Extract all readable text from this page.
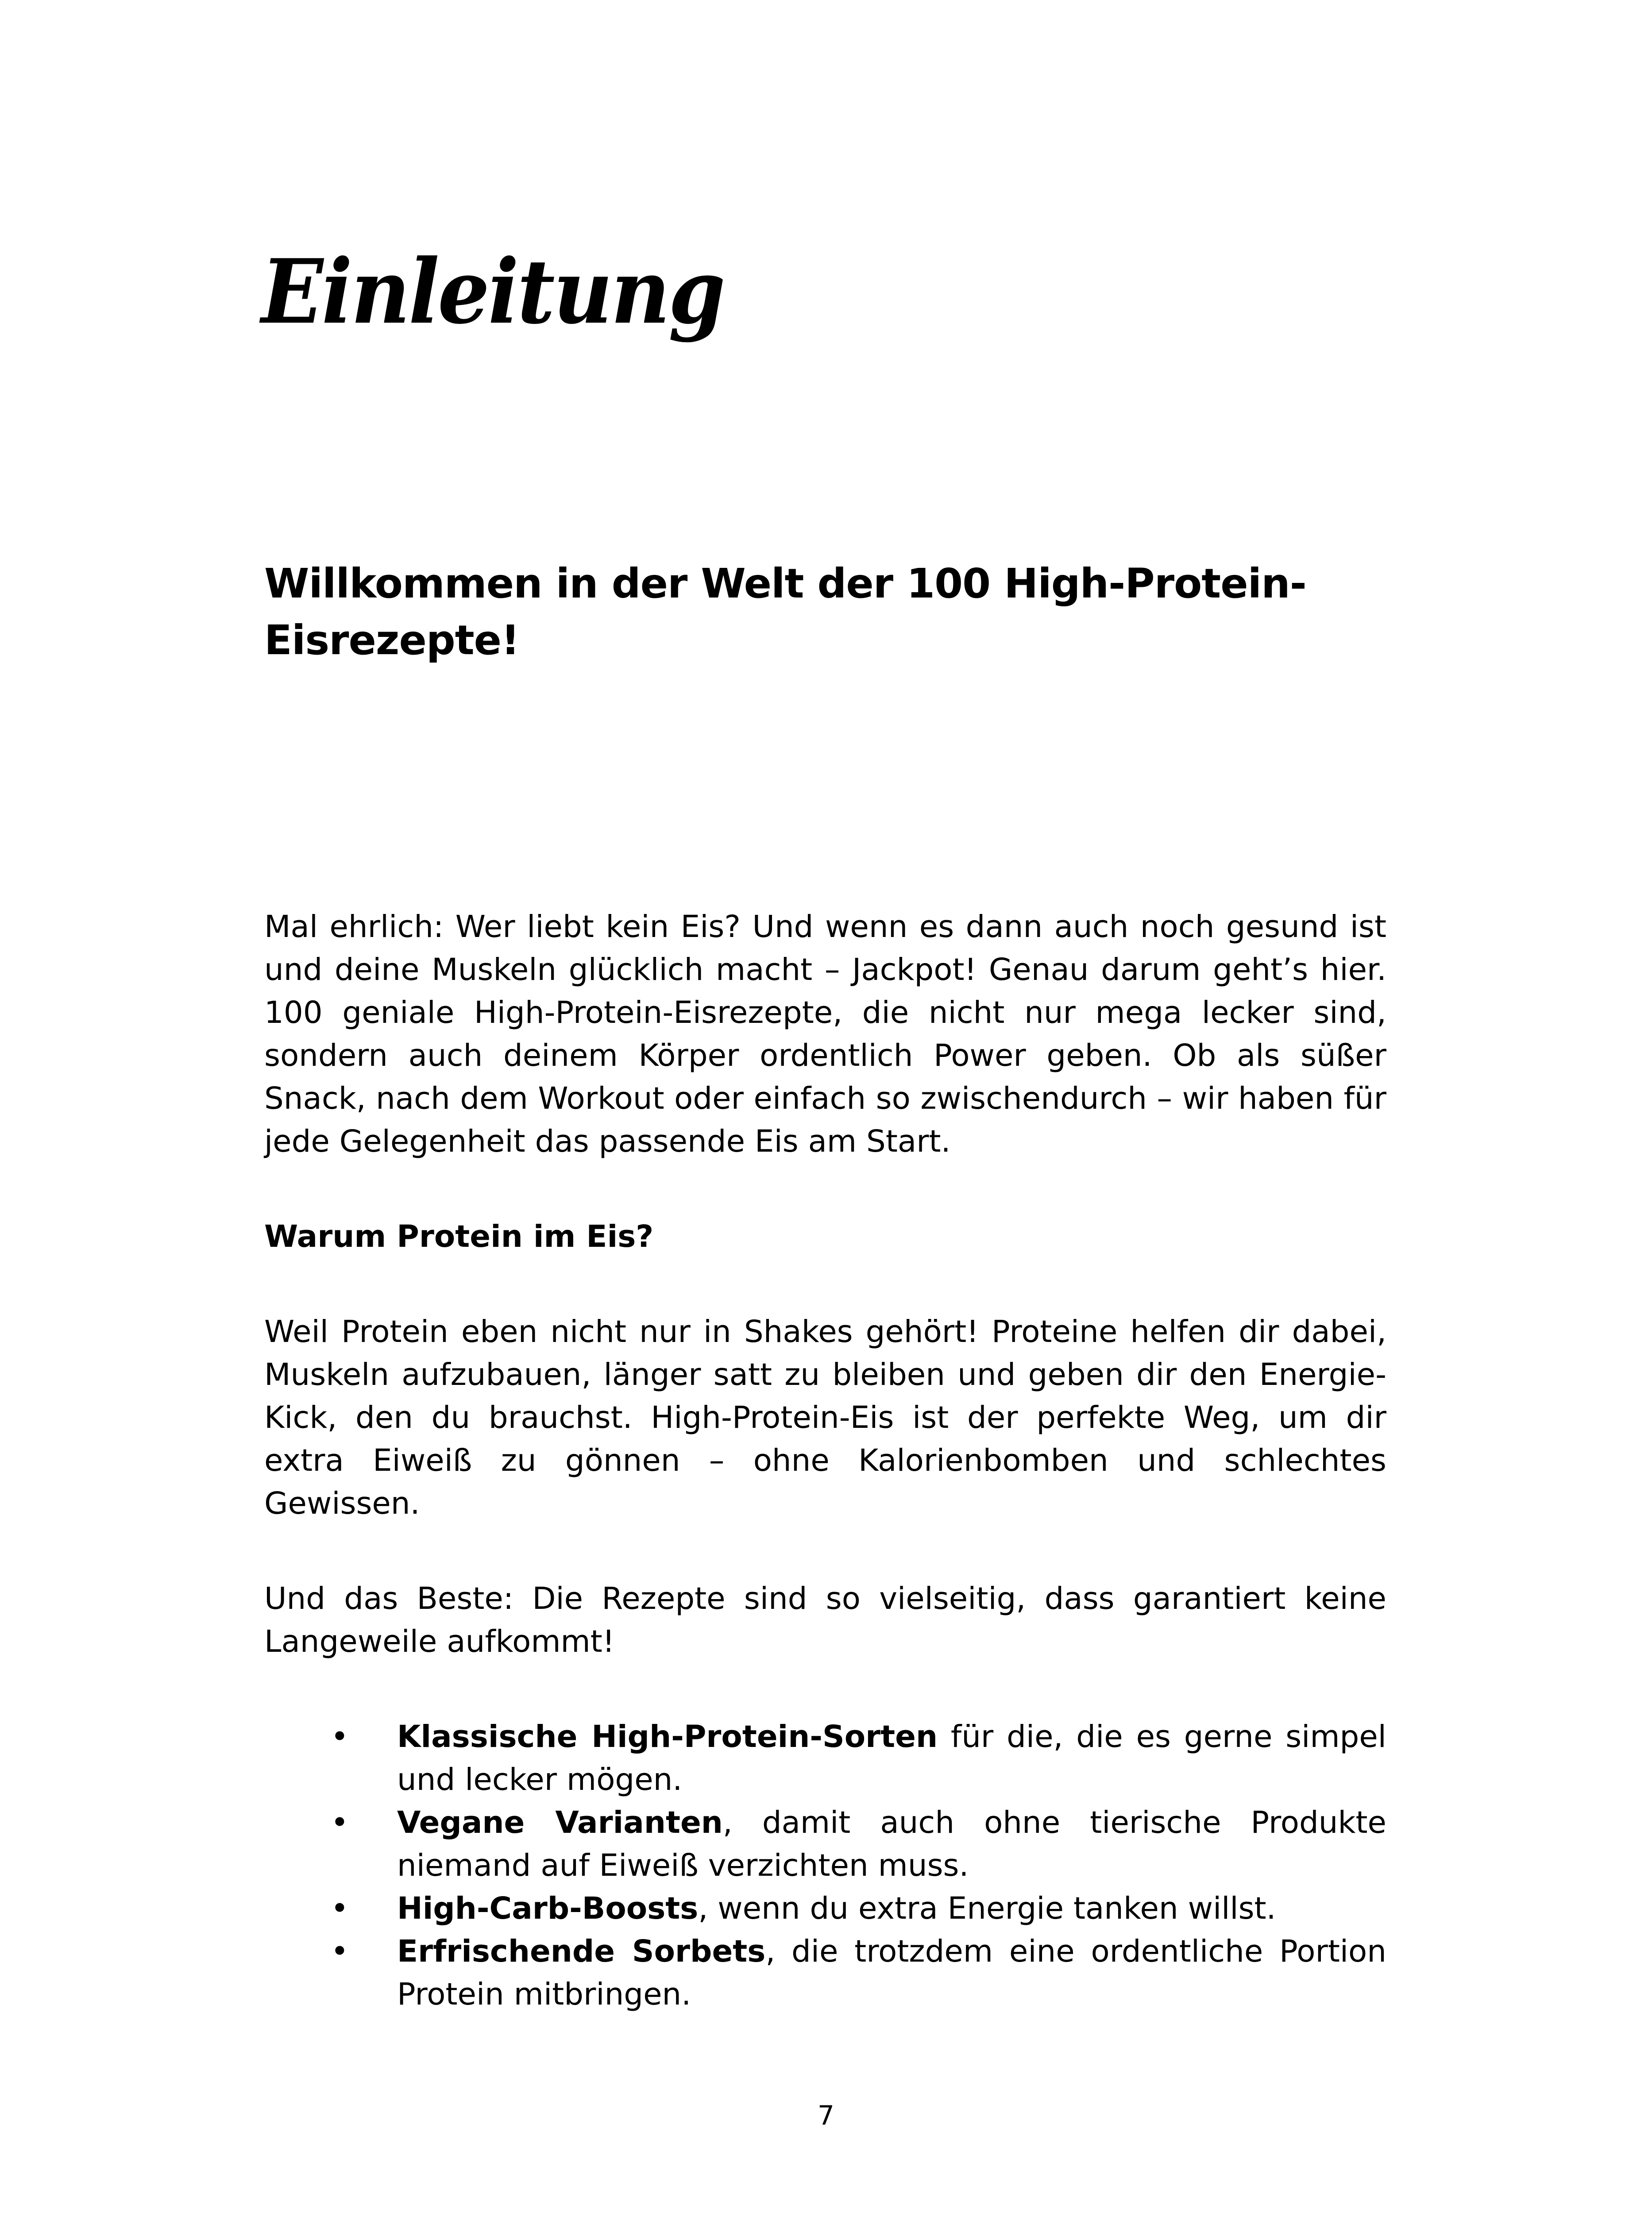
Einleitung
Willkommen in der Welt der 100 High-Protein-
Eisrezepte!

Mal ehrlich: Wer liebt kein Eis? Und wenn es dann auch noch gesund ist und deine Muskeln glücklich macht – Jackpot! Genau darum geht’s hier. 100 geniale High-Protein-Eisrezepte, die nicht nur mega lecker sind, sondern auch deinem Körper ordentlich Power geben. Ob als süßer Snack, nach dem Workout oder einfach so zwischendurch – wir haben für jede Gelegenheit das passende Eis am Start.

Warum Protein im Eis?

Weil Protein eben nicht nur in Shakes gehört! Proteine helfen dir dabei, Muskeln aufzubauen, länger satt zu bleiben und geben dir den Energie-Kick, den du brauchst. High-Protein-Eis ist der perfekte Weg, um dir extra Eiweiß zu gönnen – ohne Kalorienbomben und schlechtes Gewissen.

Und das Beste: Die Rezepte sind so vielseitig, dass garantiert keine Langeweile aufkommt!

• Klassische High-Protein-Sorten für die, die es gerne simpel und lecker mögen.
• Vegane Varianten, damit auch ohne tierische Produkte niemand auf Eiweiß verzichten muss.
• High-Carb-Boosts, wenn du extra Energie tanken willst.
• Erfrischende Sorbets, die trotzdem eine ordentliche Portion Protein mitbringen.
7
